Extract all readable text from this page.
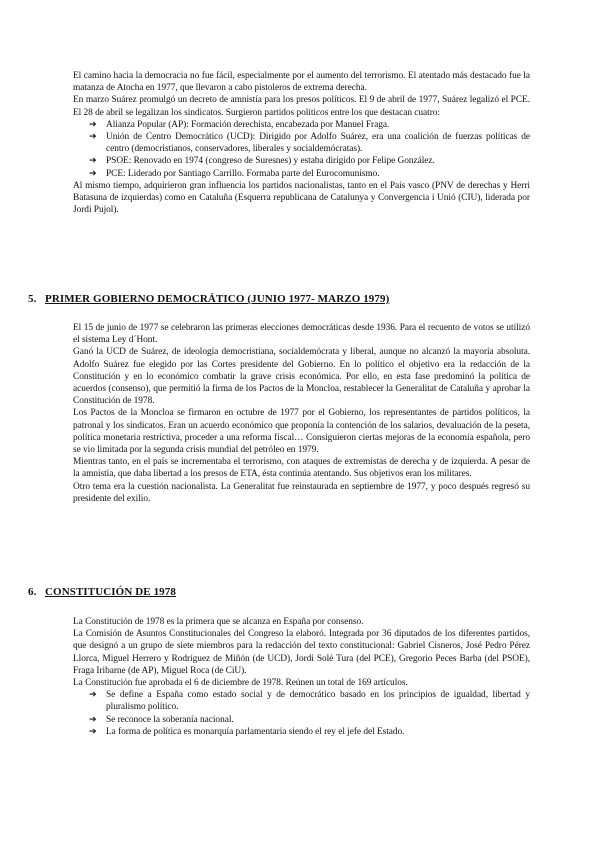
El camino hacia la democracia no fue fácil, especialmente por el aumento del terrorismo. El atentado más destacado fue la matanza de Atocha en 1977, que llevaron a cabo pistoleros de extrema derecha.

En marzo Suárez promulgó un decreto de amnistía para los presos políticos. El 9 de abril de 1977, Suárez legalizó el PCE. El 28 de abril se legalizan los sindicatos. Surgieron partidos políticos entre los que destacan cuatro:

➔ Alianza Popular (AP): Formación derechista, encabezada por Manuel Fraga.
➔ Unión de Centro Democrático (UCD): Dirigido por Adolfo Suárez, era una coalición de fuerzas políticas de centro (democristianos, conservadores, liberales y socialdemócratas).
➔ PSOE: Renovado en 1974 (congreso de Suresnes) y estaba dirigido por Felipe González.
➔ PCE: Liderado por Santiago Carrillo. Formaba parte del Eurocomunismo.

Al mismo tiempo, adquirieron gran influencia los partidos nacionalistas, tanto en el País vasco (PNV de derechas y Herri Batasuna de izquierdas) como en Cataluña (Esquerra republicana de Catalunya y Convergencia i Unió (CIU), liderada por Jordi Pujol).

5. PRIMER GOBIERNO DEMOCRÁTICO (JUNIO 1977- MARZO 1979)

El 15 de junio de 1977 se celebraron las primeras elecciones democráticas desde 1936. Para el recuento de votos se utilizó el sistema Ley d´Hont.

Ganó la UCD de Suárez, de ideología democristiana, socialdemócrata y liberal, aunque no alcanzó la mayoría absoluta. Adolfo Suárez fue elegido por las Cortes presidente del Gobierno. En lo político el objetivo era la redacción de la Constitución y en lo económico combatir la grave crisis económica. Por ello, en esta fase predominó la política de acuerdos (consenso), que permitió la firma de los Pactos de la Moncloa, restablecer la Generalitat de Cataluña y aprobar la Constitución de 1978.

Los Pactos de la Moncloa se firmaron en octubre de 1977 por el Gobierno, los representantes de partidos políticos, la patronal y los sindicatos. Eran un acuerdo económico que proponía la contención de los salarios, devaluación de la peseta, política monetaria restrictiva, proceder a una reforma fiscal… Consiguieron ciertas mejoras de la economía española, pero se vio limitada por la segunda crisis mundial del petróleo en 1979.

Mientras tanto, en el país se incrementaba el terrorismo, con ataques de extremistas de derecha y de izquierda. A pesar de la amnistía, que daba libertad a los presos de ETA, ésta continúa atentando. Sus objetivos eran los militares.

Otro tema era la cuestión nacionalista. La Generalitat fue reinstaurada en septiembre de 1977, y poco después regresó su presidente del exilio.

6. CONSTITUCIÓN DE 1978

La Constitución de 1978 es la primera que se alcanza en España por consenso.

La Comisión de Asuntos Constitucionales del Congreso la elaboró. Integrada por 36 diputados de los diferentes partidos, que designó a un grupo de siete miembros para la redacción del texto constitucional: Gabriel Cisneros, José Pedro Pérez Llorca, Miguel Herrero y Rodríguez de Miñón (de UCD), Jordi Solé Tura (del PCE), Gregorio Peces Barba (del PSOE), Fraga Iribarne (de AP), Miguel Roca (de CiU).

La Constitución fue aprobada el 6 de diciembre de 1978. Reúnen un total de 169 artículos.

➔ Se define a España como estado social y de democrático basado en los principios de igualdad, libertad y pluralismo político.
➔ Se reconoce la soberanía nacional.
➔ La forma de política es monarquía parlamentaria siendo el rey el jefe del Estado.
